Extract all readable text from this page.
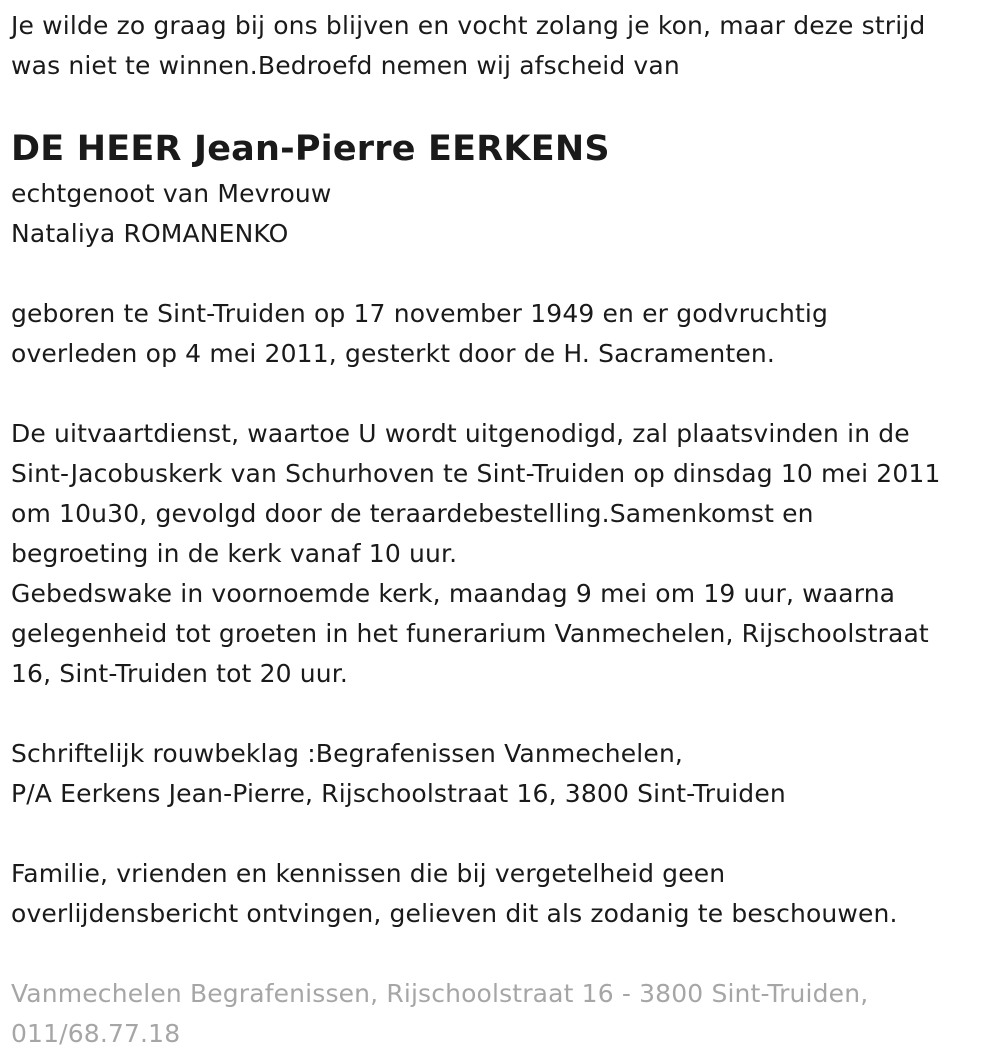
Je wilde zo graag bij ons blijven en vocht zolang je kon, maar deze strijd
was niet te winnen.Bedroefd nemen wij afscheid van
DE HEER Jean-Pierre EERKENS
echtgenoot van Mevrouw
Nataliya ROMANENKO
geboren te Sint-Truiden op 17 november 1949 en er godvruchtig
overleden op 4 mei 2011, gesterkt door de H. Sacramenten.
De uitvaartdienst, waartoe U wordt uitgenodigd, zal plaatsvinden in de
Sint-Jacobuskerk van Schurhoven te Sint-Truiden op dinsdag 10 mei 2011
om 10u30, gevolgd door de teraardebestelling.Samenkomst en
begroeting in de kerk vanaf 10 uur.
Gebedswake in voornoemde kerk, maandag 9 mei om 19 uur, waarna
gelegenheid tot groeten in het funerarium Vanmechelen, Rijschoolstraat
16, Sint-Truiden tot 20 uur.
Schriftelijk rouwbeklag :Begrafenissen Vanmechelen,
P/A Eerkens Jean-Pierre, Rijschoolstraat 16, 3800 Sint-Truiden
Familie, vrienden en kennissen die bij vergetelheid geen
overlijdensbericht ontvingen, gelieven dit als zodanig te beschouwen.
Vanmechelen Begrafenissen, Rijschoolstraat 16 - 3800 Sint-Truiden,
011/68.77.18
